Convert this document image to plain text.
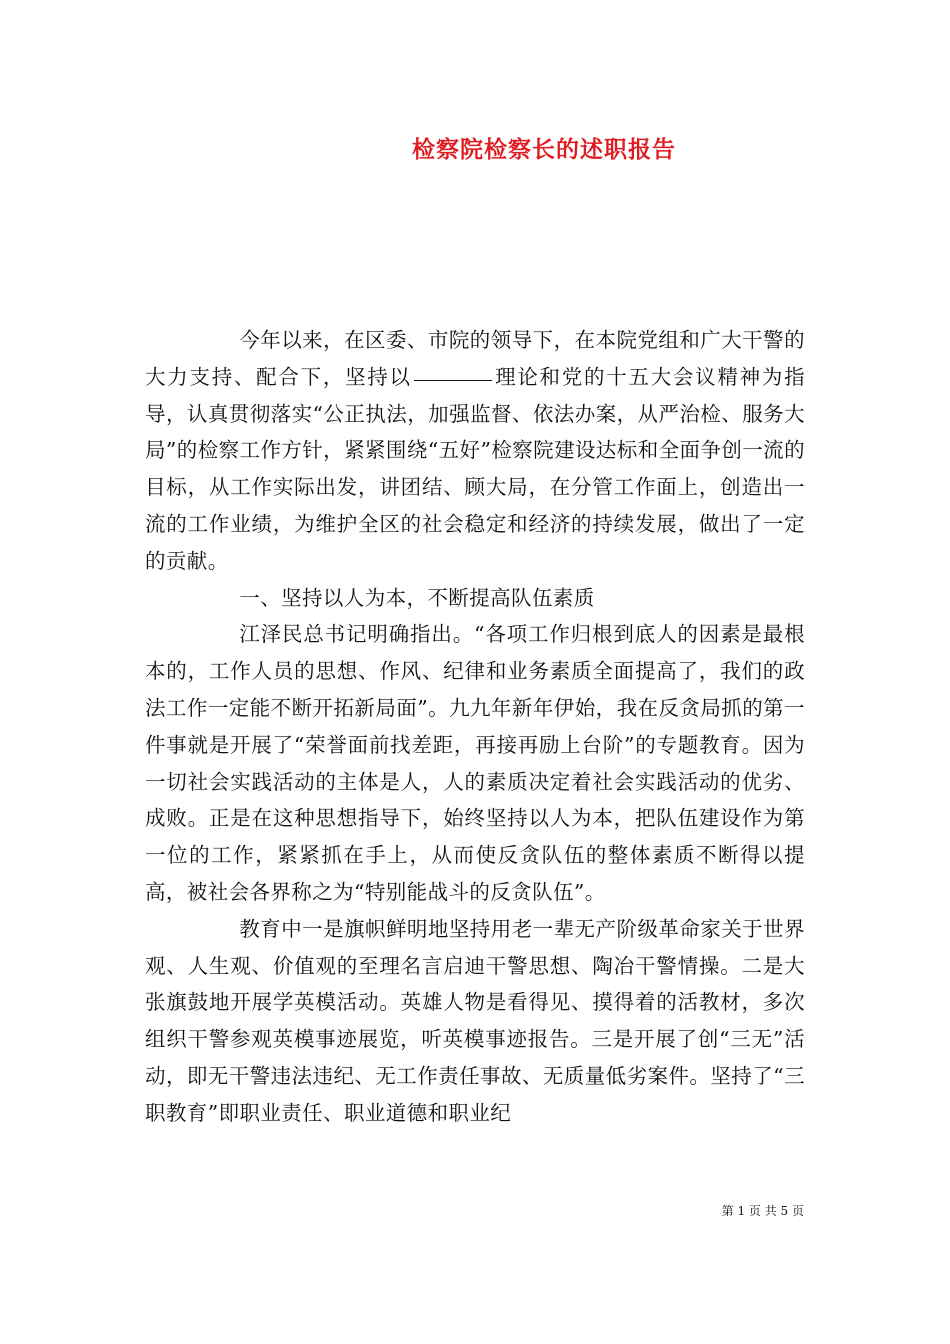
检察院检察长的述职报告

今年以来，在区委、市院的领导下，在本院党组和广大干警的大力支持、配合下，坚持以	理论和党的十五大会议精神为指导，认真贯彻落实“公正执法，加强监督、依法办案，从严治检、服务大局”的检察工作方针，紧紧围绕“五好”检察院建设达标和全面争创一流的目标，从工作实际出发，讲团结、顾大局，在分管工作面上，创造出一流的工作业绩，为维护全区的社会稳定和经济的持续发展，做出了一定的贡献。

一、坚持以人为本，不断提高队伍素质

江泽民总书记明确指出。“各项工作归根到底人的因素是最根本的，工作人员的思想、作风、纪律和业务素质全面提高了，我们的政法工作一定能不断开拓新局面”。九九年新年伊始，我在反贪局抓的第一件事就是开展了“荣誉面前找差距，再接再励上台阶”的专题教育。因为一切社会实践活动的主体是人，人的素质决定着社会实践活动的优劣、成败。正是在这种思想指导下，始终坚持以人为本，把队伍建设作为第一位的工作，紧紧抓在手上，从而使反贪队伍的整体素质不断得以提高，被社会各界称之为“特别能战斗的反贪队伍”。

教育中一是旗帜鲜明地坚持用老一辈无产阶级革命家关于世界观、人生观、价值观的至理名言启迪干警思想、陶冶干警情操。二是大张旗鼓地开展学英模活动。英雄人物是看得见、摸得着的活教材，多次组织干警参观英模事迹展览，听英模事迹报告。三是开展了创“三无”活动，即无干警违法违纪、无工作责任事故、无质量低劣案件。坚持了“三职教育”即职业责任、职业道德和职业纪

第 1 页 共 5 页
